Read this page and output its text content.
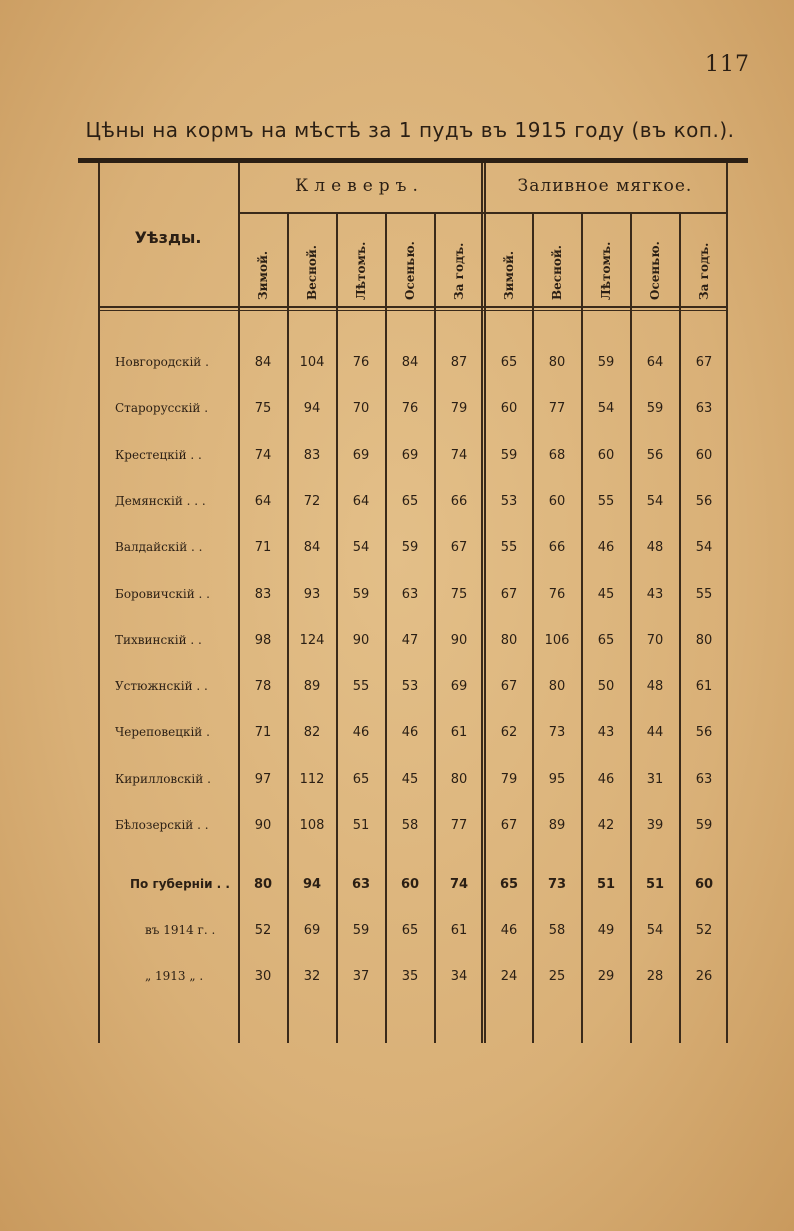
117
Цѣны на кормъ на мѣстѣ за 1 пудъ въ 1915 году (въ коп.).
Уѣзды.
Клеверъ.	Заливное мягкое.
Зимой.	Весной.	Лѣтомъ.	Осенью.	За годъ.	Зимой.	Весной.	Лѣтомъ.	Осенью.	За годъ.
Новгородскій .	84	104	76	84	87	65	80	59	64	67
Старорусскій .	75	94	70	76	79	60	77	54	59	63
Крестецкій . .	74	83	69	69	74	59	68	60	56	60
Демянскій . . .	64	72	64	65	66	53	60	55	54	56
Валдайскій . .	71	84	54	59	67	55	66	46	48	54
Боровичскій . .	83	93	59	63	75	67	76	45	43	55
Тихвинскій . .	98	124	90	47	90	80	106	65	70	80
Устюжнскій . .	78	89	55	53	69	67	80	50	48	61
Череповецкій .	71	82	46	46	61	62	73	43	44	56
Кирилловскій .	97	112	65	45	80	79	95	46	31	63
Бѣлозерскій . .	90	108	51	58	77	67	89	42	39	59
По губерніи . .	80	94	63	60	74	65	73	51	51	60
въ 1914 г. .	52	69	59	65	61	46	58	49	54	52
„ 1913 „ .	30	32	37	35	34	24	25	29	28	26
